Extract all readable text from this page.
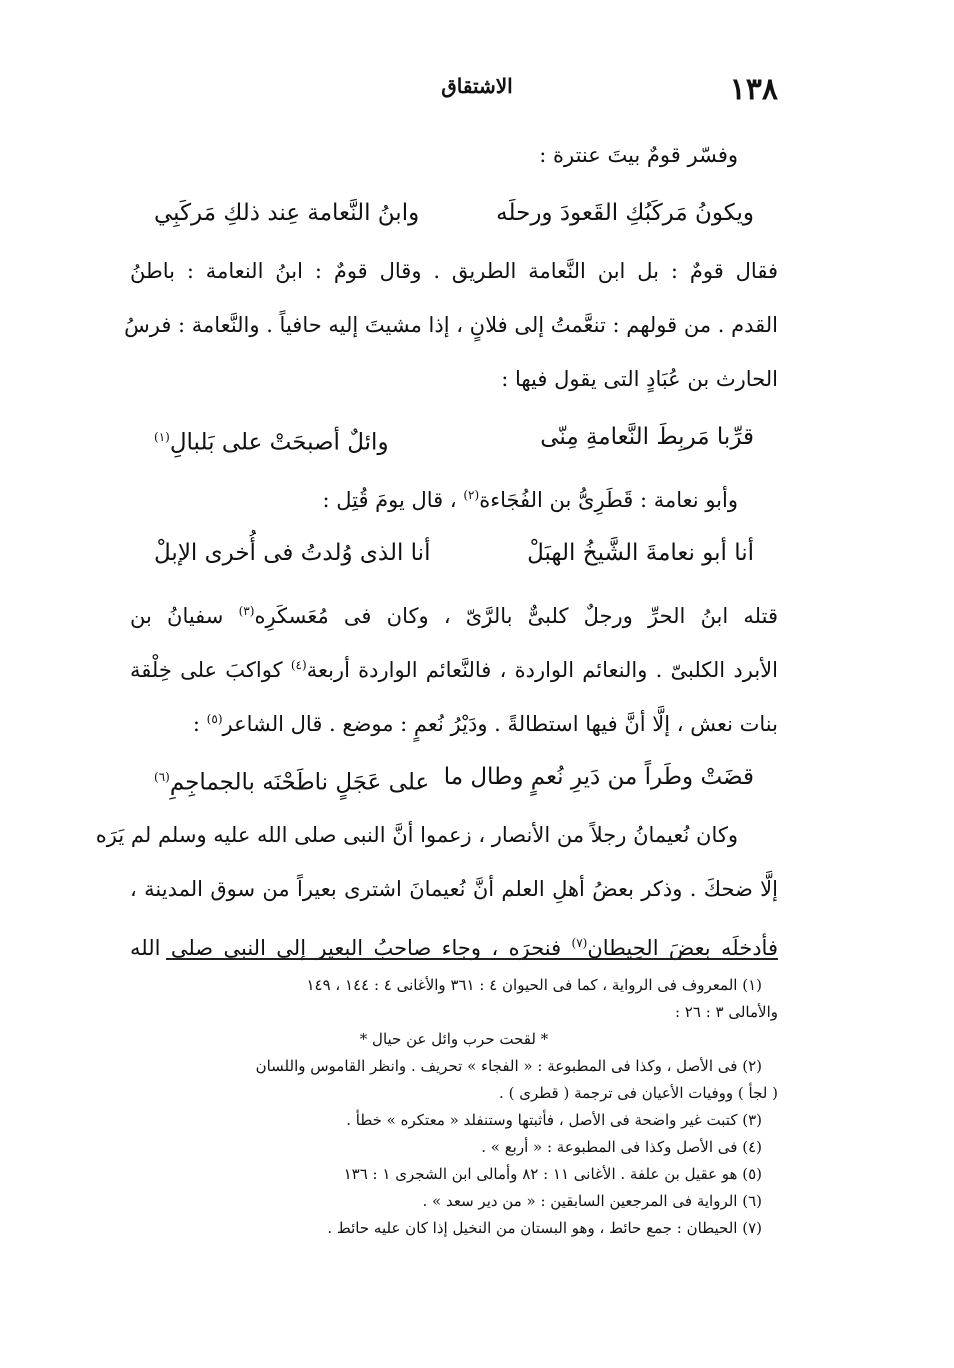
١٣٨
الاشتقاق
وفسّر قومٌ بيتَ عنترة :
ويكونُ مَركَبُكِ القَعودَ ورحلَه
وابنُ النَّعامة عِند ذلكِ مَركَبِي
فقال قومٌ : بل ابن النَّعامة الطريق . وقال قومٌ : ابنُ النعامة : باطنُ
القدم . من قولهم : تنعَّمتُ إلى فلانٍ ، إذا مشيتَ إليه حافياً . والنَّعامة : فرسُ
الحارث بن عُبَادٍ التى يقول فيها :
قرِّبا مَربِطَ النَّعامةِ مِنّى
وائلٌ أصبحَتْ على بَلبالِ$^{(١)}$
وأبو نعامة : قَطَرِىُّ بن الفُجَاءة$^{(٢)}$ ، قال يومَ قُتِل :
أنا أبو نعامةَ الشَّيخُ الهبَلْ
أنا الذى وُلدتُ فى أُخرى الإبلْ
قتله ابنُ الحرِّ ورجلٌ كلبىٌّ بالرَّىّ ، وكان فى مُعَسكَرِه$^{(٣)}$ سفيانُ بن
الأبرد الكلبىّ . والنعائم الواردة ، فالنَّعائم الواردة أربعة$^{(٤)}$ كواكبَ على خِلْقة
بنات نعش ، إلَّا أنَّ فيها استطالةً . ودَيْرُ نُعمٍ : موضع . قال الشاعر$^{(٥)}$ :
قضَتْ وطَراً من دَيرِ نُعمٍ وطال ما
على عَجَلٍ ناطَحْنَه بالجماجِمِ$^{(٦)}$
وكان نُعيمانُ رجلاً من الأنصار ، زعموا أنَّ النبى صلى الله عليه وسلم لم يَرَه
إلَّا ضحكَ . وذكر بعضُ أهلِ العلم أنَّ نُعيمانَ اشترى بعيراً من سوق المدينة ،
فأدخلَه بعضَ الحِيطان$^{(٧)}$ فنحرَه ، وجاء صاحبُ البعير إلى النبى صلى الله
(١) المعروف فى الرواية ، كما فى الحيوان ٤ : ٣٦١ والأغانى ٤ : ١٤٤ ، ١٤٩
والأمالى ٣ : ٢٦ :
* لقحت حرب وائل عن حيال *
(٢) فى الأصل ، وكذا فى المطبوعة : « الفجاء » تحريف . وانظر القاموس واللسان
( لجأ ) ووفيات الأعيان فى ترجمة ( قطرى ) .
(٣) كتبت غير واضحة فى الأصل ، فأثبتها وستنفلد « معتكره » خطأ .
(٤) فى الأصل وكذا فى المطبوعة : « أربع » .
(٥) هو عقيل بن علفة . الأغانى ١١ : ٨٢ وأمالى ابن الشجرى ١ : ١٣٦
(٦) الرواية فى المرجعين السابقين : « من دير سعد » .
(٧) الحيطان : جمع حائط ، وهو البستان من النخيل إذا كان عليه حائط .
